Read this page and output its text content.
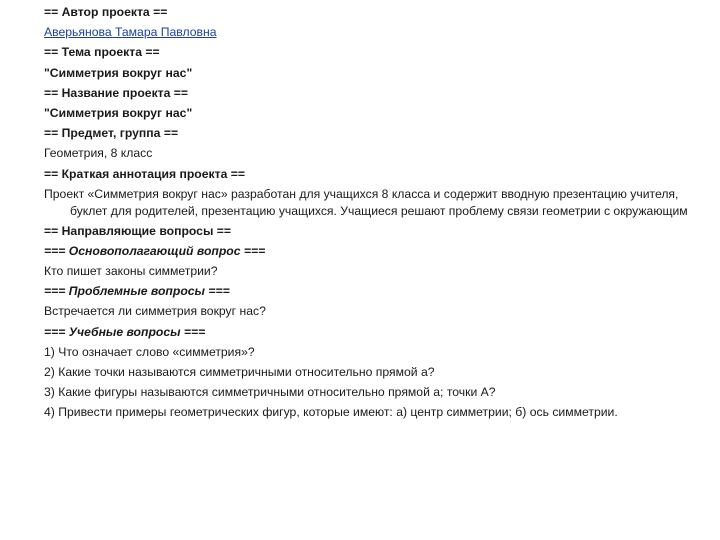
== Автор проекта ==
Аверьянова Тамара Павловна
== Тема проекта ==
"Симметрия вокруг нас"
== Название проекта ==
"Симметрия вокруг нас"
== Предмет, группа ==
Геометрия, 8 класс
== Краткая аннотация проекта ==
Проект «Симметрия вокруг нас» разработан для учащихся 8 класса и содержит вводную презентацию учителя, буклет для родителей, презентацию учащихся. Учащиеся решают проблему связи геометрии с окружающим
== Направляющие вопросы ==
=== Основополагающий вопрос ===
Кто пишет законы симметрии?
=== Проблемные вопросы ===
Встречается ли симметрия вокруг нас?
=== Учебные вопросы ===
1) Что означает слово «симметрия»?
2) Какие точки называются симметричными относительно прямой а?
3) Какие фигуры называются симметричными относительно прямой а; точки А?
4) Привести примеры геометрических фигур, которые имеют: а) центр симметрии; б) ось симметрии.
